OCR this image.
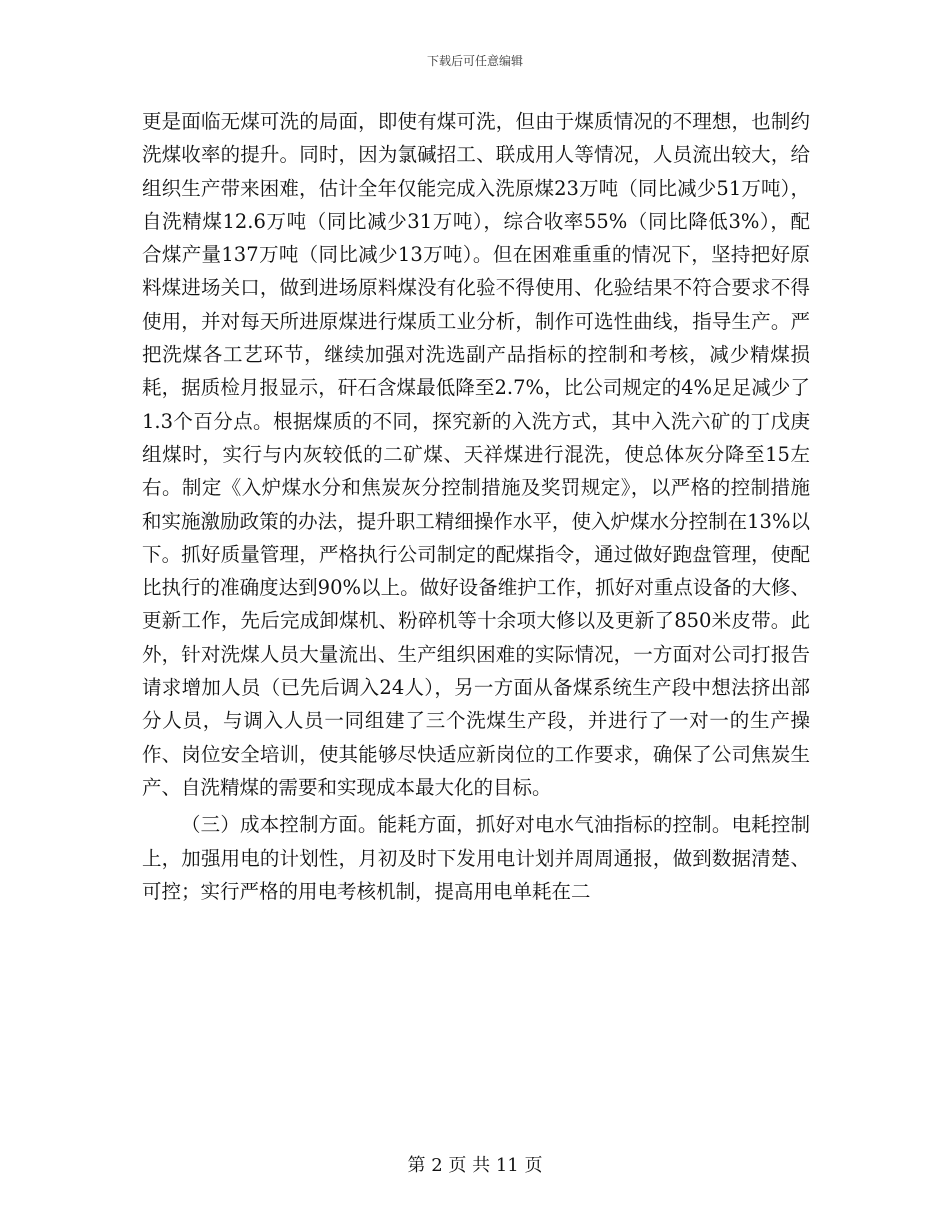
下载后可任意编辑

更是面临无煤可洗的局面，即使有煤可洗，但由于煤质情况的不理想，也制约洗煤收率的提升。同时，因为氯碱招工、联成用人等情况，人员流出较大，给组织生产带来困难，估计全年仅能完成入洗原煤23万吨（同比减少51万吨），自洗精煤12.6万吨（同比减少31万吨），综合收率55%（同比降低3%），配合煤产量137万吨（同比减少13万吨）。但在困难重重的情况下，坚持把好原料煤进场关口，做到进场原料煤没有化验不得使用、化验结果不符合要求不得使用，并对每天所进原煤进行煤质工业分析，制作可选性曲线，指导生产。严把洗煤各工艺环节，继续加强对洗选副产品指标的控制和考核，减少精煤损耗，据质检月报显示，矸石含煤最低降至2.7%，比公司规定的4%足足减少了1.3个百分点。根据煤质的不同，探究新的入洗方式，其中入洗六矿的丁戊庚组煤时，实行与内灰较低的二矿煤、天祥煤进行混洗，使总体灰分降至15左右。制定《入炉煤水分和焦炭灰分控制措施及奖罚规定》，以严格的控制措施和实施激励政策的办法，提升职工精细操作水平，使入炉煤水分控制在13%以下。抓好质量管理，严格执行公司制定的配煤指令，通过做好跑盘管理，使配比执行的准确度达到90%以上。做好设备维护工作，抓好对重点设备的大修、更新工作，先后完成卸煤机、粉碎机等十余项大修以及更新了850米皮带。此外，针对洗煤人员大量流出、生产组织困难的实际情况，一方面对公司打报告请求增加人员（已先后调入24人），另一方面从备煤系统生产段中想法挤出部分人员，与调入人员一同组建了三个洗煤生产段，并进行了一对一的生产操作、岗位安全培训，使其能够尽快适应新岗位的工作要求，确保了公司焦炭生产、自洗精煤的需要和实现成本最大化的目标。

（三）成本控制方面。能耗方面，抓好对电水气油指标的控制。电耗控制上，加强用电的计划性，月初及时下发用电计划并周周通报，做到数据清楚、可控；实行严格的用电考核机制，提高用电单耗在二

第 2 页 共 11 页
